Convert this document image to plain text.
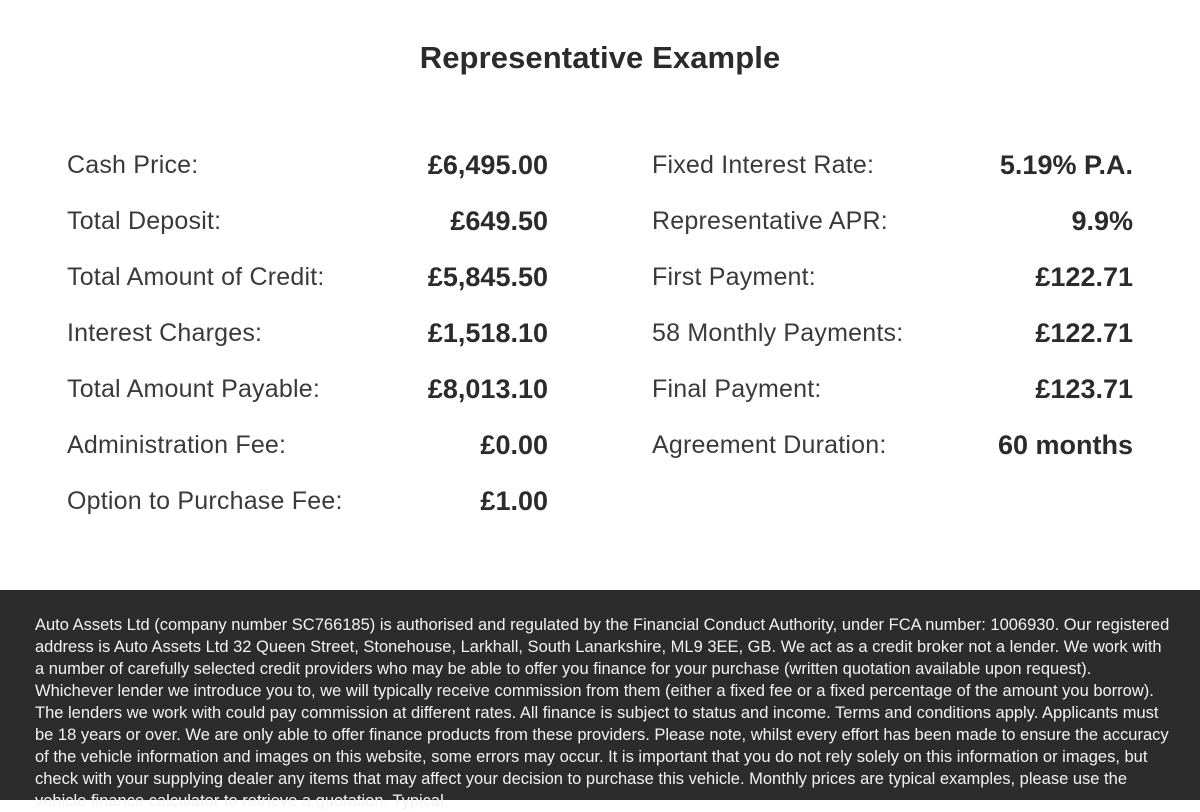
Representative Example
Cash Price:	£6,495.00
Total Deposit:	£649.50
Total Amount of Credit:	£5,845.50
Interest Charges:	£1,518.10
Total Amount Payable:	£8,013.10
Administration Fee:	£0.00
Option to Purchase Fee:	£1.00
Fixed Interest Rate:	5.19% P.A.
Representative APR:	9.9%
First Payment:	£122.71
58 Monthly Payments:	£122.71
Final Payment:	£123.71
Agreement Duration:	60 months

Auto Assets Ltd (company number SC766185) is authorised and regulated by the Financial Conduct Authority, under FCA number: 1006930. Our registered address is Auto Assets Ltd 32 Queen Street, Stonehouse, Larkhall, South Lanarkshire, ML9 3EE, GB. We act as a credit broker not a lender. We work with a number of carefully selected credit providers who may be able to offer you finance for your purchase (written quotation available upon request). Whichever lender we introduce you to, we will typically receive commission from them (either a fixed fee or a fixed percentage of the amount you borrow). The lenders we work with could pay commission at different rates. All finance is subject to status and income. Terms and conditions apply. Applicants must be 18 years or over. We are only able to offer finance products from these providers. Please note, whilst every effort has been made to ensure the accuracy of the vehicle information and images on this website, some errors may occur. It is important that you do not rely solely on this information or images, but check with your supplying dealer any items that may affect your decision to purchase this vehicle. Monthly prices are typical examples, please use the vehicle finance calculator to retrieve a quotation. Typical
